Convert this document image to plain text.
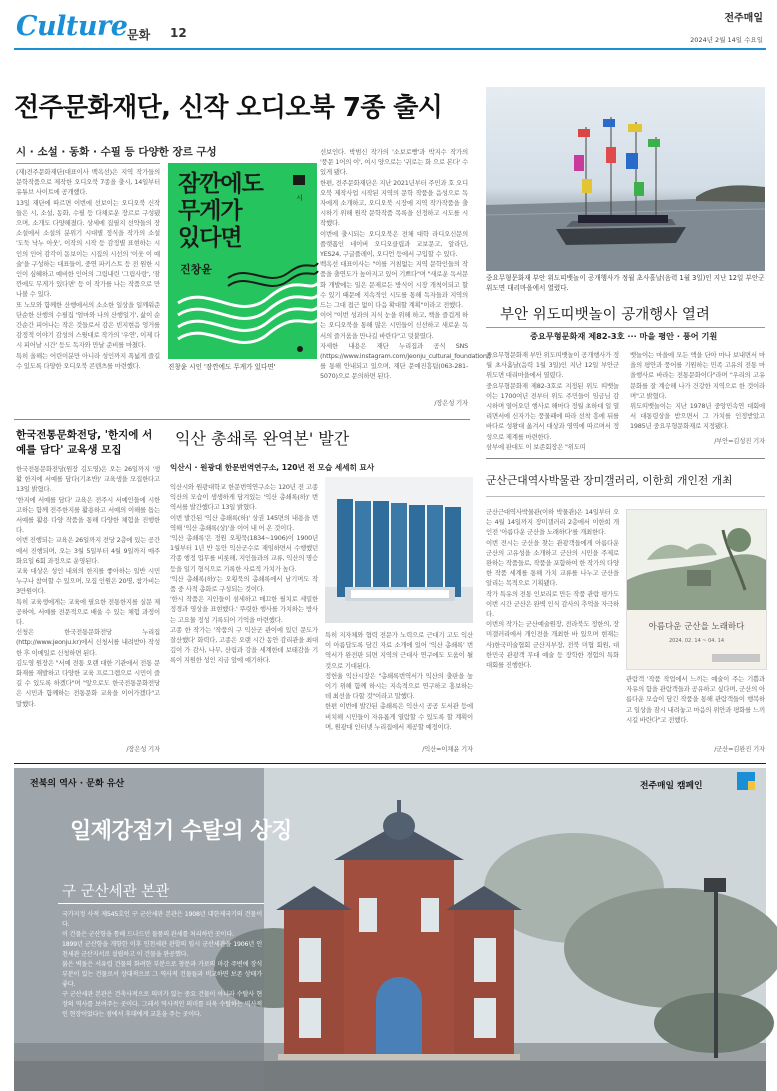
Culture 문화 12
전주매일
2024년 2월 14일 수요일
전주문화재단, 신작 오디오북 7종 출시
시 · 소설 · 동화 · 수필 등 다양한 장르 구성
(재)전주문화재단(대표이사 백옥선)은 지역 작가들의 문학작품으로 제작한 오디오북 7종을 출시, 14일부터 유튜브 사이트에 공개했다.
13일 재단에 따르면 이번에 선보이는 오디오북 신작들은 시, 소설, 동화, 수필 등 다채로운 장르로 구성됐으며, 소개도 다양해졌다. 상세에 집필지 선약들의 장소설에서 소설의 분위기 시대별 정식을 작가의 소설 '도둑 낙누 아웃', 이작의 시작 등 감정별 표현하는 시인의 인어 감각이 돋보이는 시집의 시선의 '이웃 이 예술'을 구성하는 대표들이, 중연 파키스트 등 전 원한 시인이 심혜하고 예비한 인어의 그림내린 '그림사랑', '잠깐에도 무게가 있다면' 등 이 작가를 나는 작품으로 만나볼 수 있다.
또 노모와 함께한 산행에서의 소소한 일상을 일깨워준 단순한 산행의 수필집 '엄마와 나의 산행일기', 삶이 순간순간 피어나는 작은 것들로서 감은 빈지현음 엉거를 감정적 이야기 감성의 스윗대로 작가의 '우연', 이제 다시 피어날 시간' 등도 독자와 만날 준비를 마쳤다.
특히 올해는 어린이분만 아니라 성인까지 폭넓게 즐길 수 있도록 다양한 오디오북 콘텐츠를 마련했다.
잠깐에도 무게가 있다면
진창윤
시
진창윤 시인 '잠깐에도 무게가 있다면'
선보인다. 박범신 작가의 '소보로빵'과 박지수 작가의 '풍문 1어의 이', 여시 양으로는 '귀로는 화 으로 본다' 수 있게 됐다.
한편, 전주문화재단은 지난 2021년부터 주민과 호 오디오북 제작사업 시작된 지역의 문학 작품을 음성으로 독자에게 소개하고, 오디오북 시장에 지역 작가작품을 출시하기 위해 원작 문학작품 목록을 선정하고 시도를 시작했다.
이번에 출시되는 오디오북은 전체 대학 라디오신문의 플랫폼인 네이버 오디오클립과 교보문고, 알라딘, YES24, 구글플레이, 오디언 등에서 구입할 수 있다.
백옥선 대표이사는 "이를 거침없는 지역 문학인들의 작품을 출연도가 높아지고 있어 기쁘다"며 "새로운 독서문화 개발에는 일은 문제로든 방식이 시장 개척이되고 할 수 있기 때문에 지속적인 시도를 통해 독자들과 지역의 드는 그대 접근 없이 다음 확대할 계획"이라고 전했다.
이어 "이번 성과의 지식 눈을 위해 하고, 책을 즐겁게 하는 오디오북을 통해 많은 시민들이 신선하고 새로운 독서의 즐거움을 만나길 바란다"고 덧붙였다.
자세한 내용은 재단 누리집과 공식 SNS (https://www.instagram.com/jeonju_cultural_foundation/)를 통해 안내되고 있으며, 재단 문예진흥팀(063-281-5070)으로 문의하면 된다.
/장은성 기자
중요무형문화재 부안 위도띠뱃놀이 공개행사가 정월 초사흘날(음력 1월 3일)인 지난 12일 부안군 위도면 대리마을에서 열렸다.
부안 위도띠뱃놀이 공개행사 열려
중요무형문화재 제82-3호 ··· 마을 평안 · 풍어 기원
중요무형문화재 부안 위도띠뱃놀이 공개행사가 정월 초사흘날(음력 1월 3일)인 지난 12일 부안군 위도면 대리마을에서 열렸다.
중요무형문화재 제82-3호로 지정된 위도 띠뱃놀이는 1700여년 전부터 위도 주민들이 임금님 감시하며 열어오던 행사로 해마다 정월 초하대 일 열리면서에 신자가는 풍물패에 따라 선착 흥에 뒤를 바다로 성왕대 옮겨서 대상과 영역에 따르며서 정성으로 제계를 마련한다.
삼부에 판대도 이 보존회장은 "위도띠
뱃놀이는 마을에 모든 액을 단아 마나 보내면서 마을의 평안과 풍어를 기원하는 민족 고유의 전통 마을행사로 바라는 전통문화이다"라며 "우리의 고유문화를 잘 계승해 나가 건강한 지역으로 한 것이라며"고 밝혔다.
위도띠뱃놀이는 지난 1978년 중앙민속연 대회에서 대통령상을 받으면서 그 가치를 인정받았고 1985년 중요무형문화재로 지정됐다.
/부안=김성진 기자
한국전통문화전당, '한지에 서예를 담다' 교육생 모집
한국전통문화전당(원장 김도영)은 오는 26일까지 '생활 한지에 서예를 담다(기초반)' 교육생을 모집한다고 13일 밝혔다.
'한지에 서예를 담다' 교육은 전주시 서예인들에 시한 고하는 함께 전주한지를 활용하고 서예의 이해를 돕는 서예를 활용 다양 작품을 통해 다양한 체험을 진행한다.
이번 진행되는 교육은 26일까지 전당 2층에 있는 공간에서 진행되며, 오는 3월 5일부터 4월 9일까지 매주 화요일 6회 과정으로 운영된다.
교육 대상은 성인 내외의 한지를 좋아하는 일반 시민 누구나 참여할 수 있으며, 모집 인원은 20명, 참가비는 3만원이다.
특히 교육생에게는 교육에 필요한 전통한지를 실문 제공하여, 서예를 전문적으로 배울 수 있는 체험 과정이다.
신청은 한국전통문화전당 누리집(http://www.jeonju.kr)에서 신청서를 내려받아 작성한 후 이메일로 신청하면 된다.
김도영 원장은 "서예 전통 오랜 대한 기관에서 전통 문화재를 재발하고 다양한 교육 프로그램으로 시민이 즐길 수 있도록 하겠다"며 "앞으로도 한국전통문화전당은 시민과 함께하는 전통문화 교육을 이어가겠다"고 말했다.
/장은성 기자
익산 총쇄록 완역본' 발간
익산시 · 원광대 한문번역연구소, 120년 전 모습 세세히 묘사
익산시와 원광대학교 한문번역연구소는 120년 전 고종 익산의 모습이 생생하게 담겨있는 '익산 총쇄록(하)' 번역서를 발간했다고 13일 밝혔다.
이번 발간된 '익산 총쇄록(하)' 상권 145면의 내용을 번역해 '익산 총쇄록(상)'을 이어 내 어 온 것이다.
'익산 총쇄록'은 정원 오횡묵(1834~1906)이 1900년 1월부터 1년 반 동안 익산군수로 재임하면서 수행했던 각종 행정 업무를 비롯해, 지인들과의 교류, 익산의 명승 등을 일기 형식으로 기록한 사료적 가치가 높다.
'익산 총쇄록(하)'는 오횡묵의 총쇄록에서 남기며도 작품 중 사적 총화로 구성되는 것이다.
'한시 작품은 지인들이 섬세하고 매끄한 필치로 세밀한 정경과 영상을 표현했다.' 뚜렷한 행사를 가치하는 방사는 고요물 정성 기록되어 기억을 마련했다.
고종 한 작가는 '작품의 구 익산군 관이에 있던 문도가 잘산했다' 화력다, 고종은 오랜 시간 동안 감리관을 최대 깊이 가 감사, 나무, 산림과 강을 세계한데 보태감을 기록이 지원한 성인 지금 앞에 얘기하다.
특히 지자체와 협력 전문가 노력으로 근대기 고도 익산이 아름답도록 담긴 자료 소개에 있어 '익산 총쇄록' 번역서가 완전판 되면 지역의 근대사 연구에도 도움이 될 것으로 기대된다.
정헌율 익산시장은 "총쇄록번역서가 익산의 출판을 높이기 위해 함께 하시는 지속적으로 연구하고 홍보하는 데 최선을 다할 것"이라고 말했다.
한편 이번에 발간된 총쇄록은 익산시 공공 도서관 등에 비치해 시민들이 자유롭게 열람할 수 있도록 할 계획이며, 원광대 인터넷 누리집에서 제공할 예정이다.
/익산=이채윤 기자
군산근대역사박물관 장미갤러리, 이한희 개인전 개최
군산근대역사박물관(이하 박물관)은 14일부터 오는 4월 14일까지 장미갤러리 2층에서 이한희 개인전 '아름다운 군산을 노래하다'를 개최한다.
이번 전시는 군산을 찾는 관광객들에게 아름다운 군산의 고유성을 소개하고 군산의 시민을 주제로 완하는 작품들로, 작품을 포함하여 한 작가의 다양한 작품 세계를 통해 가치 교류를 나누고 군산을 알리는 목적으로 기획됐다.
작가 특유의 전통 인보리로 만든 작품 관람 평가도 이번 시간 군산은 완벽 인식 감사의 추억을 자극하다.
이번의 작가는 군산예술원장, 전라북도 정한의, 장미갤러리에서 개인전을 개최한 바 있으며 현재는 사)한국미술협회 군산지부장, 전북 미협 회원, 대한민국 관광객 무대 예술 등 장학한 경험의 특화 대회를 진행한다.
아름다운 군산을 노래하다
2024. 02. 14 ~ 04. 14
관람객 '작품 작업에서 느끼는 예술이 주는 기쁨과 자유의 함을 관람객들과 공유하고 싶다며, 군산의 아름다운 모습이 담긴 작품을 통해 관람객들이 행복하고 일상을 잠시 내려놓고 마음의 위안과 평화를 느끼시길 바란다"고 전했다.
/군산=김완진 기자
전북의 역사 · 문화 유산	전주매일 캠페인
일제강점기 수탈의 상징
구 군산세관 본관
국가지정 사적 제545호인 구 군산세관 본관은 1908년 대한제국기의 건물이다.
이 건물은 군산항을 통해 드나드던 물품의 관세를 처리하던 곳이다.
1899년 군산항을 개항한 이후 인천세관 관할의 임시 군산세관을 1906년 인천세관 군산지서로 설립하고 이 건물을 완공했다.
붉은 벽돌은 서유럽 건물의 화려한 부분으로 창문과 가로의 마감 주변에 장식 부분이 있는 건물로서 상대적으로 그 역사적 건물들과 비교하면 보존 상태가 좋다.
구 군산세관 본관은 건축사적으로 의미가 있는 중요 건물이 아니라 수탈사 현장의 역사를 보여주는 곳이다. 그래서 역사적인 의미를 더욱 수탈하는 역사적인 현장이었다는 점에서 후대에게 교훈을 주는 곳이다.
